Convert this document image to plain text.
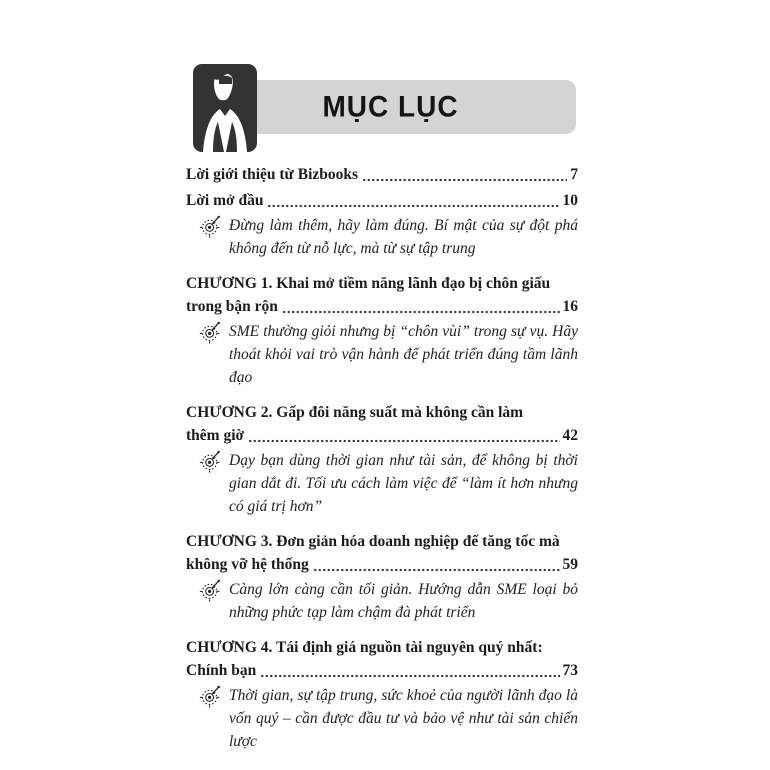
MỤC LỤC
Lời giới thiệu từ Bizbooks	7
Lời mở đầu	10
Đừng làm thêm, hãy làm đúng. Bí mật của sự đột phá không đến từ nỗ lực, mà từ sự tập trung
CHƯƠNG 1. Khai mở tiềm năng lãnh đạo bị chôn giấu
trong bận rộn	16
SME thường giỏi nhưng bị “chôn vùi” trong sự vụ. Hãy thoát khỏi vai trò vận hành để phát triển đúng tầm lãnh đạo
CHƯƠNG 2. Gấp đôi năng suất mà không cần làm
thêm giờ	42
Dạy bạn dùng thời gian như tài sản, để không bị thời gian dắt đi. Tối ưu cách làm việc để “làm ít hơn nhưng có giá trị hơn”
CHƯƠNG 3. Đơn giản hóa doanh nghiệp để tăng tốc mà
không vỡ hệ thống	59
Càng lớn càng cần tối giản. Hướng dẫn SME loại bỏ những phức tạp làm chậm đà phát triển
CHƯƠNG 4. Tái định giá nguồn tài nguyên quý nhất:
Chính bạn	73
Thời gian, sự tập trung, sức khoẻ của người lãnh đạo là vốn quý – cần được đầu tư và bảo vệ như tài sản chiến lược
